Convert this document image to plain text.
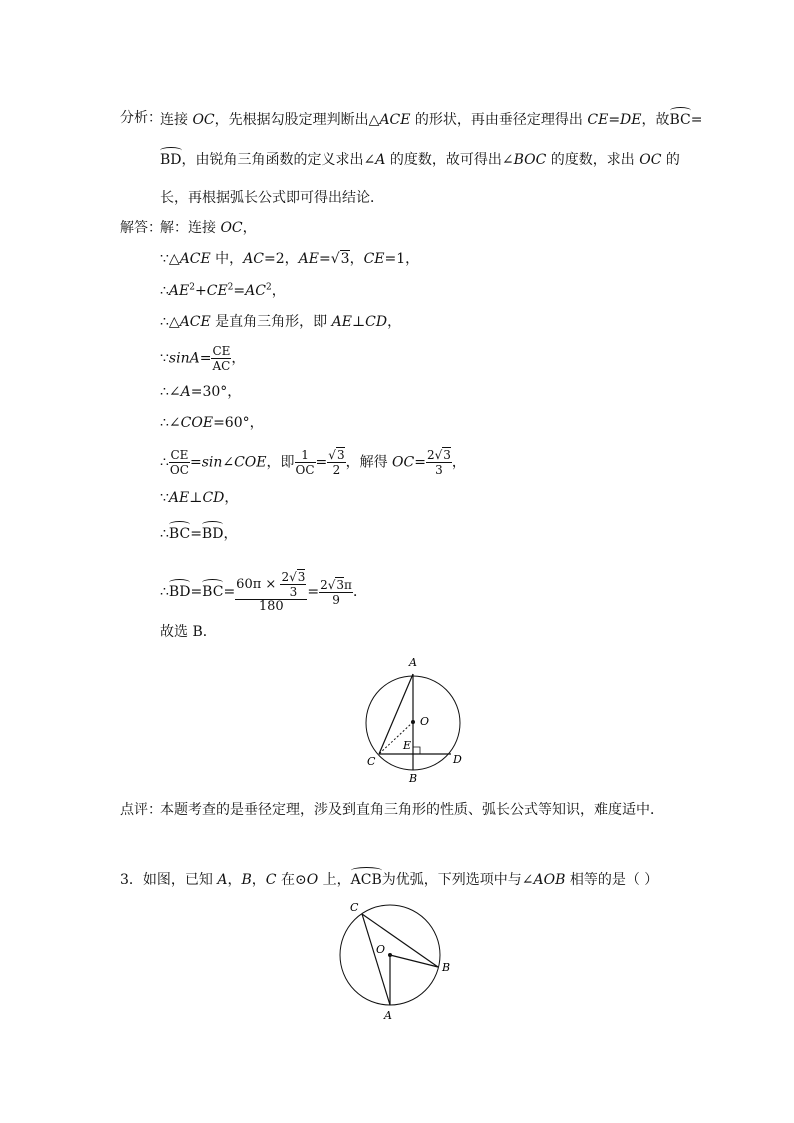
分析：
连接 OC，先根据勾股定理判断出△ACE 的形状，再由垂径定理得出 CE=DE，故BC=
BD，由锐角三角函数的定义求出∠A 的度数，故可得出∠BOC 的度数，求出 OC 的
长，再根据弧长公式即可得出结论．
解答：
解：连接 OC，
∵△ACE 中，AC=2，AE=√3，CE=1，
$\therefore AE^2+CE^2=AC^2$，
∴△ACE 是直角三角形，即 AE⊥CD，
∵sinA= $\frac{CE}{AC}$ ，
∴∠A=30°，
∴∠COE=60°，
∴ $\frac{CE}{OC}$ =sin∠COE，即 $\frac{1}{OC} = \frac{√3}{2}$ ，解得 $OC= \frac{2√3}{3}$ ，
∵AE⊥CD，
∴BC=BD，
∴BD=BC= $\frac{60\pi \times \frac{2√3}{3}}{180} = \frac{2√3\pi}{9}$ ．
故选 B．
A
O
E
C	D
B
点评：
本题考查的是垂径定理，涉及到直角三角形的性质、弧长公式等知识，难度适中．
3．如图，已知 A，B，C 在⊙O 上，ACB为优弧，下列选项中与∠AOB 相等的是（ ）
C
O
B
A
